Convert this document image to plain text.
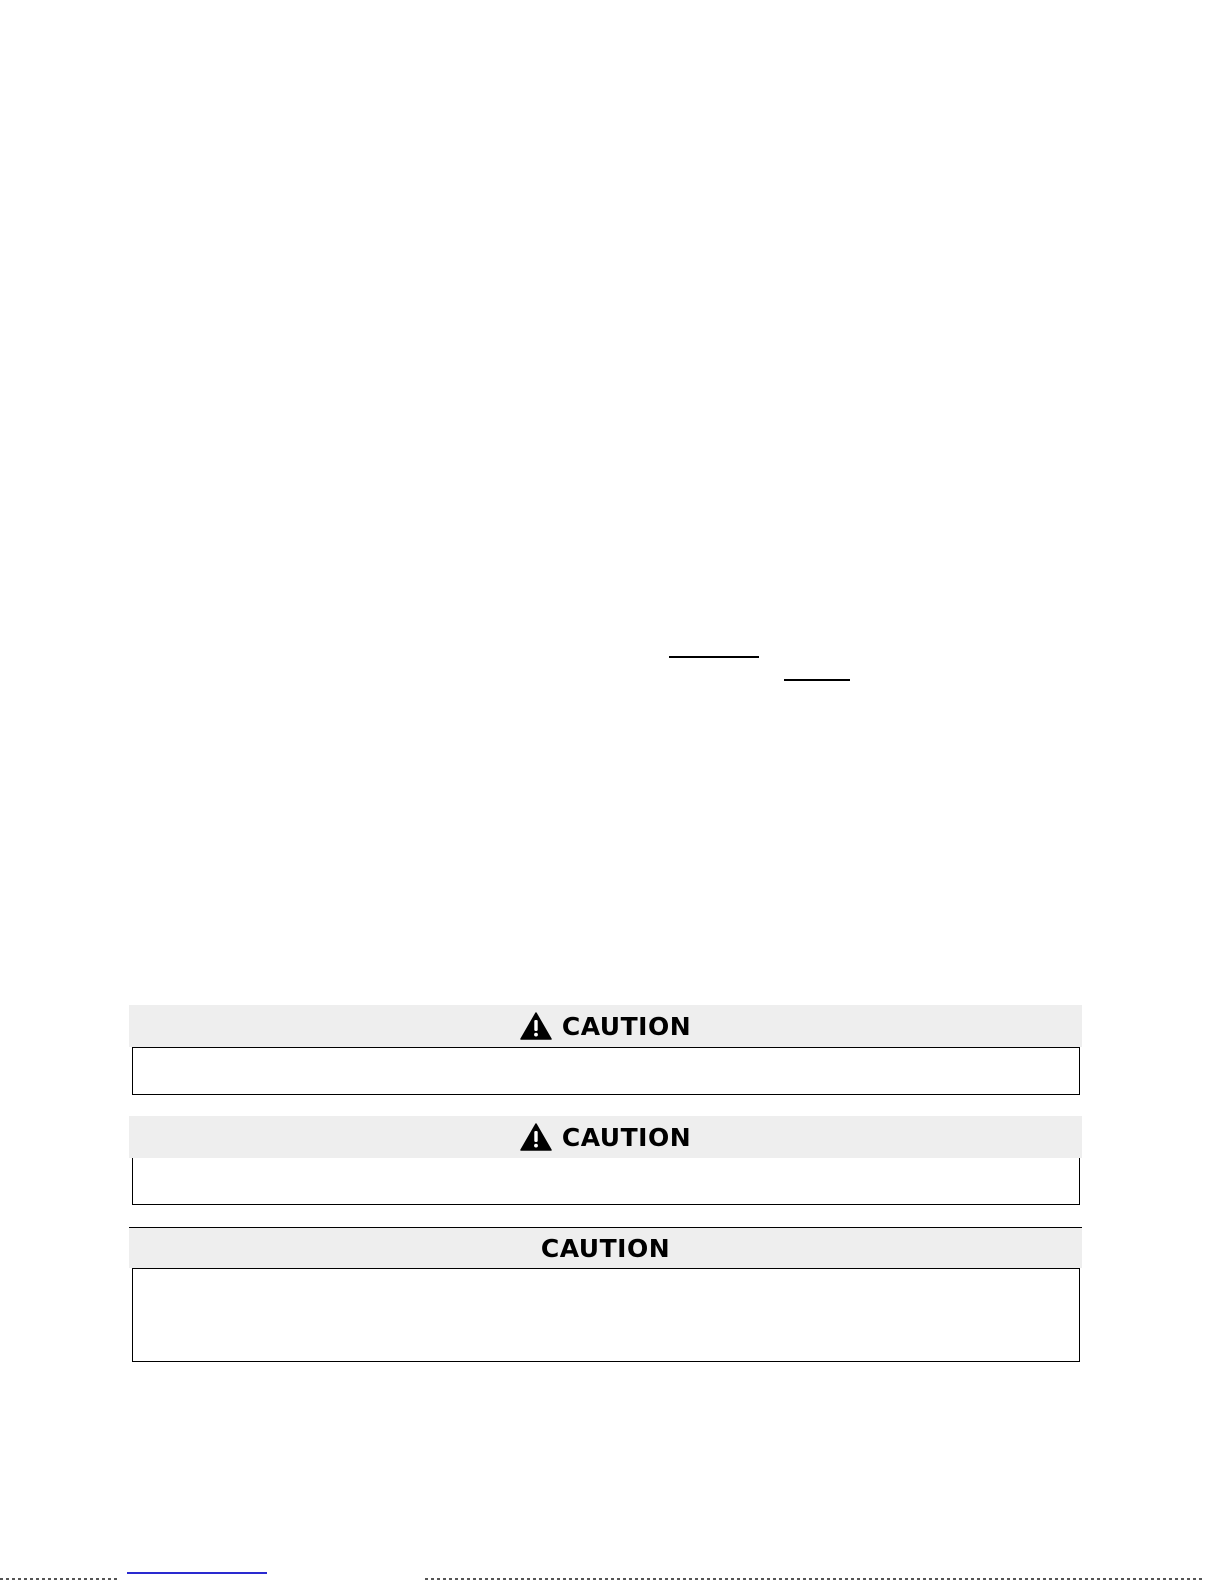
CAUTION
CAUTION
CAUTION
